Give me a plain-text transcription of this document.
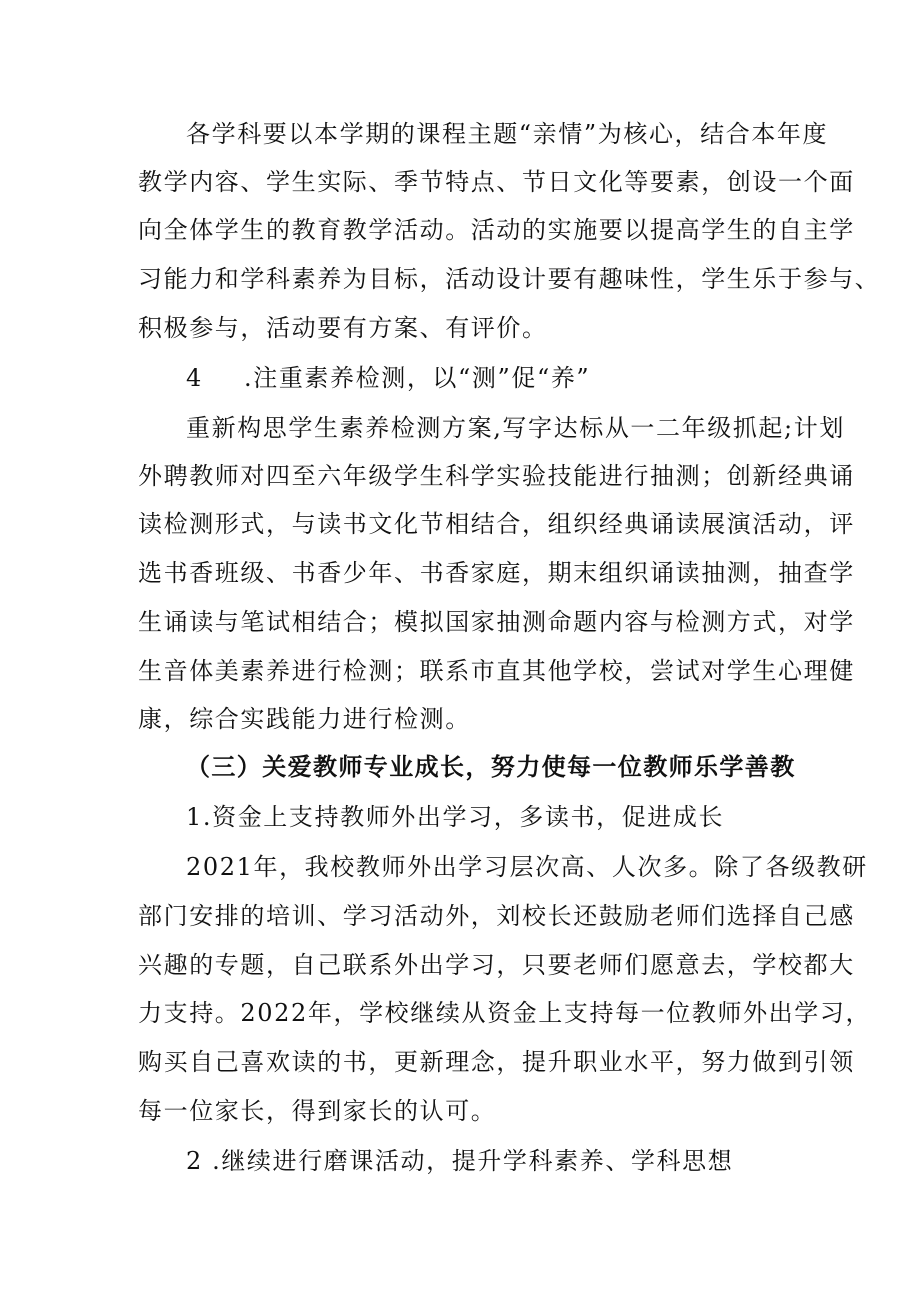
各学科要以本学期的课程主题“亲情”为核心，结合本年度
教学内容、学生实际、季节特点、节日文化等要素，创设一个面
向全体学生的教育教学活动。活动的实施要以提高学生的自主学
习能力和学科素养为目标，活动设计要有趣味性，学生乐于参与、
积极参与，活动要有方案、有评价。
4 .注重素养检测，以“测”促“养”
重新构思学生素养检测方案,写字达标从一二年级抓起;计划
外聘教师对四至六年级学生科学实验技能进行抽测；创新经典诵
读检测形式，与读书文化节相结合，组织经典诵读展演活动，评
选书香班级、书香少年、书香家庭，期末组织诵读抽测，抽查学
生诵读与笔试相结合；模拟国家抽测命题内容与检测方式，对学
生音体美素养进行检测；联系市直其他学校，尝试对学生心理健
康，综合实践能力进行检测。
（三）关爱教师专业成长，努力使每一位教师乐学善教
1.资金上支持教师外出学习，多读书，促进成长
2021年，我校教师外出学习层次高、人次多。除了各级教研
部门安排的培训、学习活动外，刘校长还鼓励老师们选择自己感
兴趣的专题，自己联系外出学习，只要老师们愿意去，学校都大
力支持。2022年，学校继续从资金上支持每一位教师外出学习，
购买自己喜欢读的书，更新理念，提升职业水平，努力做到引领
每一位家长，得到家长的认可。
2 .继续进行磨课活动，提升学科素养、学科思想
